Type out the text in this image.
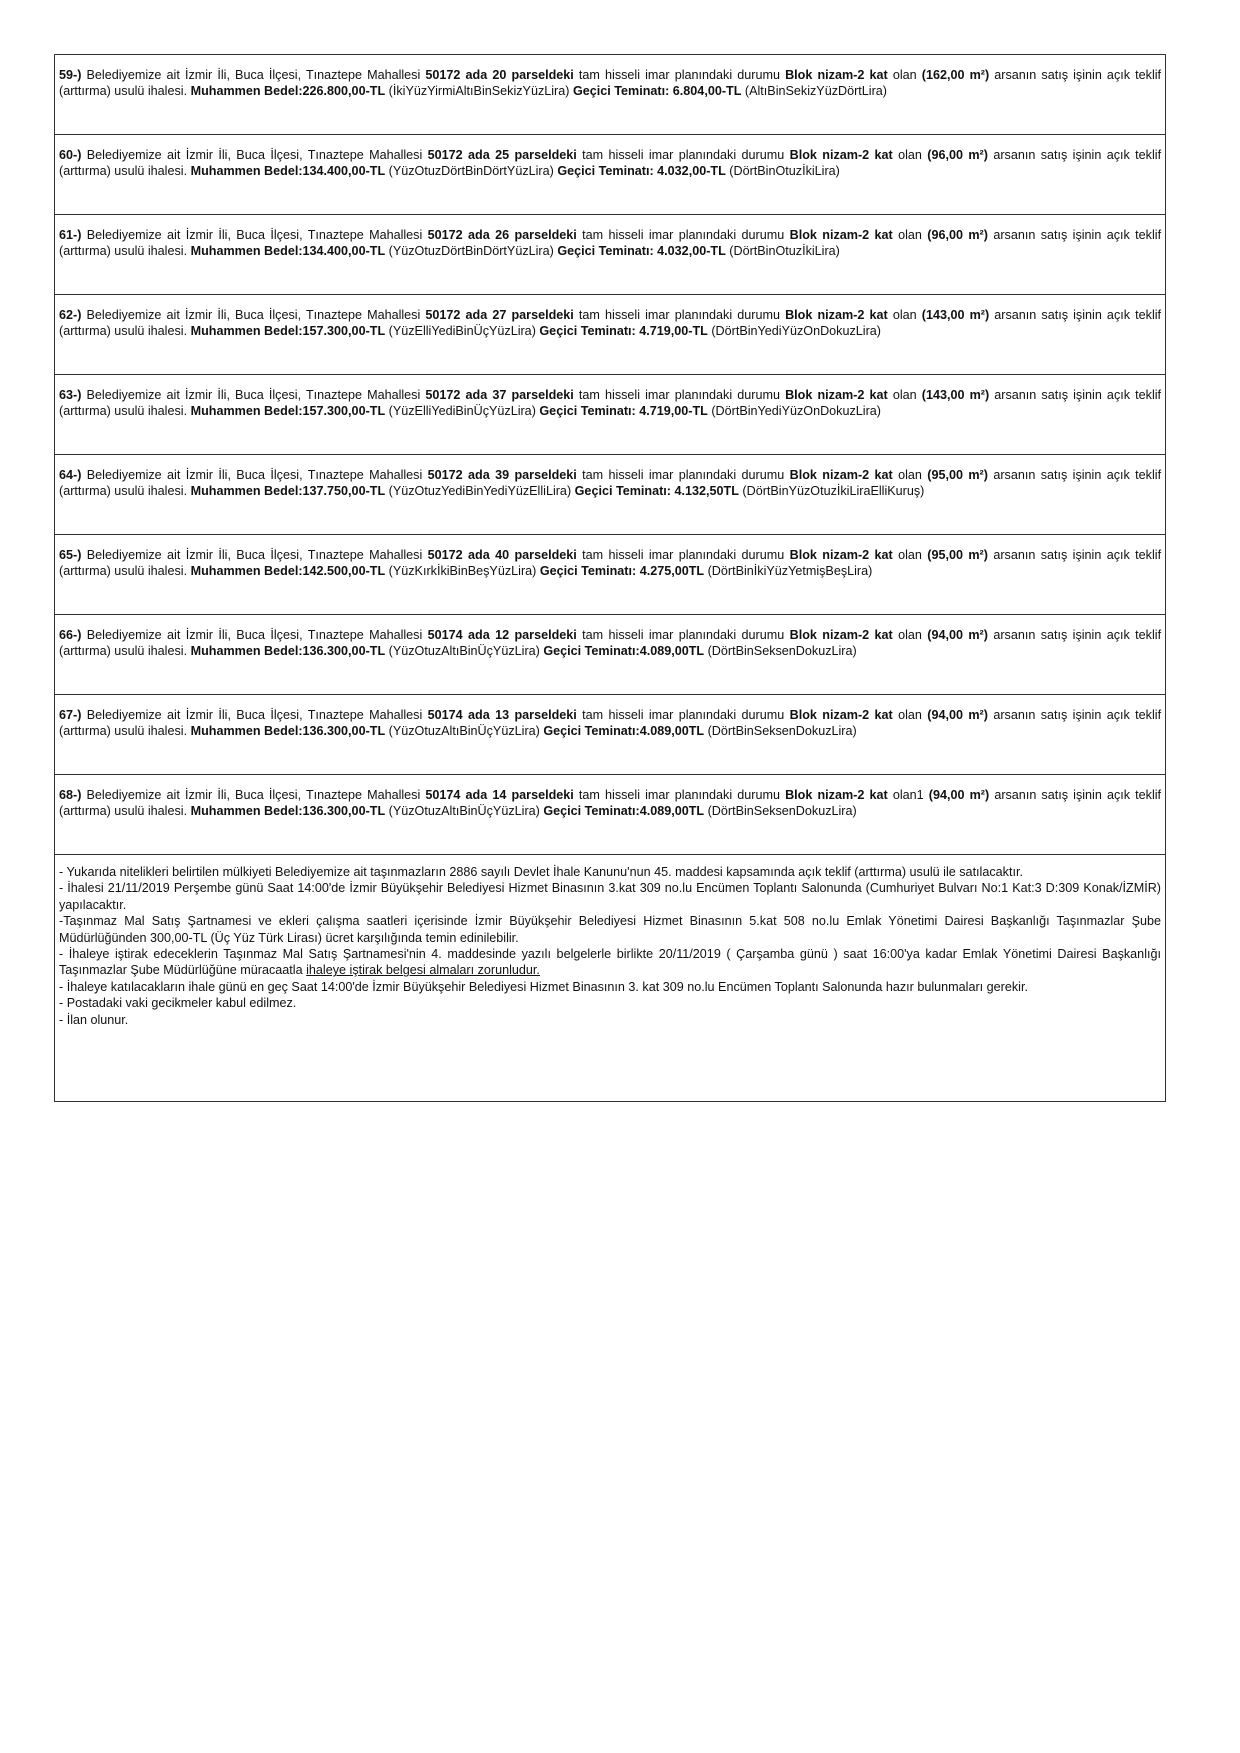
59-) Belediyemize ait İzmir İli, Buca İlçesi, Tınaztepe Mahallesi 50172 ada 20 parseldeki tam hisseli imar planındaki durumu Blok nizam-2 kat olan (162,00 m²) arsanın satış işinin açık teklif (arttırma) usulü ihalesi. Muhammen Bedel:226.800,00-TL (İkiYüzYirmiAltıBinSekizYüzLira) Geçici Teminatı: 6.804,00-TL (AltıBinSekizYüzDörtLira)
60-) Belediyemize ait İzmir İli, Buca İlçesi, Tınaztepe Mahallesi 50172 ada 25 parseldeki tam hisseli imar planındaki durumu Blok nizam-2 kat olan (96,00 m²) arsanın satış işinin açık teklif (arttırma) usulü ihalesi. Muhammen Bedel:134.400,00-TL (YüzOtuzDörtBinDörtYüzLira) Geçici Teminatı: 4.032,00-TL (DörtBinOtuzİkiLira)
61-) Belediyemize ait İzmir İli, Buca İlçesi, Tınaztepe Mahallesi 50172 ada 26 parseldeki tam hisseli imar planındaki durumu Blok nizam-2 kat olan (96,00 m²) arsanın satış işinin açık teklif (arttırma) usulü ihalesi. Muhammen Bedel:134.400,00-TL (YüzOtuzDörtBinDörtYüzLira) Geçici Teminatı: 4.032,00-TL (DörtBinOtuzİkiLira)
62-) Belediyemize ait İzmir İli, Buca İlçesi, Tınaztepe Mahallesi 50172 ada 27 parseldeki tam hisseli imar planındaki durumu Blok nizam-2 kat olan (143,00 m²) arsanın satış işinin açık teklif (arttırma) usulü ihalesi. Muhammen Bedel:157.300,00-TL (YüzElliYediBinÜçYüzLira) Geçici Teminatı: 4.719,00-TL (DörtBinYediYüzOnDokuzLira)
63-) Belediyemize ait İzmir İli, Buca İlçesi, Tınaztepe Mahallesi 50172 ada 37 parseldeki tam hisseli imar planındaki durumu Blok nizam-2 kat olan (143,00 m²) arsanın satış işinin açık teklif (arttırma) usulü ihalesi. Muhammen Bedel:157.300,00-TL (YüzElliYediBinÜçYüzLira) Geçici Teminatı: 4.719,00-TL (DörtBinYediYüzOnDokuzLira)
64-) Belediyemize ait İzmir İli, Buca İlçesi, Tınaztepe Mahallesi 50172 ada 39 parseldeki tam hisseli imar planındaki durumu Blok nizam-2 kat olan (95,00 m²) arsanın satış işinin açık teklif (arttırma) usulü ihalesi. Muhammen Bedel:137.750,00-TL (YüzOtuzYediBinYediYüzElliLira) Geçici Teminatı: 4.132,50TL (DörtBinYüzOtuzİkiLiraElliKuruş)
65-) Belediyemize ait İzmir İli, Buca İlçesi, Tınaztepe Mahallesi 50172 ada 40 parseldeki tam hisseli imar planındaki durumu Blok nizam-2 kat olan (95,00 m²) arsanın satış işinin açık teklif (arttırma) usulü ihalesi. Muhammen Bedel:142.500,00-TL (YüzKırkİkiBinBeşYüzLira) Geçici Teminatı: 4.275,00TL (DörtBinİkiYüzYetmişBeşLira)
66-) Belediyemize ait İzmir İli, Buca İlçesi, Tınaztepe Mahallesi 50174 ada 12 parseldeki tam hisseli imar planındaki durumu Blok nizam-2 kat olan (94,00 m²) arsanın satış işinin açık teklif (arttırma) usulü ihalesi. Muhammen Bedel:136.300,00-TL (YüzOtuzAltıBinÜçYüzLira) Geçici Teminatı:4.089,00TL (DörtBinSeksenDokuzLira)
67-) Belediyemize ait İzmir İli, Buca İlçesi, Tınaztepe Mahallesi 50174 ada 13 parseldeki tam hisseli imar planındaki durumu Blok nizam-2 kat olan (94,00 m²) arsanın satış işinin açık teklif (arttırma) usulü ihalesi. Muhammen Bedel:136.300,00-TL (YüzOtuzAltıBinÜçYüzLira) Geçici Teminatı:4.089,00TL (DörtBinSeksenDokuzLira)
68-) Belediyemize ait İzmir İli, Buca İlçesi, Tınaztepe Mahallesi 50174 ada 14 parseldeki tam hisseli imar planındaki durumu Blok nizam-2 kat olan1 (94,00 m²) arsanın satış işinin açık teklif (arttırma) usulü ihalesi. Muhammen Bedel:136.300,00-TL (YüzOtuzAltıBinÜçYüzLira) Geçici Teminatı:4.089,00TL (DörtBinSeksenDokuzLira)

- Yukarıda nitelikleri belirtilen mülkiyeti Belediyemize ait taşınmazların 2886 sayılı Devlet İhale Kanunu'nun 45. maddesi kapsamında açık teklif (arttırma) usulü ile satılacaktır.

- İhalesi 21/11/2019 Perşembe günü Saat 14:00'de İzmir Büyükşehir Belediyesi Hizmet Binasının 3.kat 309 no.lu Encümen Toplantı Salonunda (Cumhuriyet Bulvarı No:1 Kat:3 D:309 Konak/İZMİR) yapılacaktır.

-Taşınmaz Mal Satış Şartnamesi ve ekleri çalışma saatleri içerisinde İzmir Büyükşehir Belediyesi Hizmet Binasının 5.kat 508 no.lu Emlak Yönetimi Dairesi Başkanlığı Taşınmazlar Şube Müdürlüğünden 300,00-TL (Üç Yüz Türk Lirası) ücret karşılığında temin edinilebilir.

- İhaleye iştirak edeceklerin Taşınmaz Mal Satış Şartnamesi'nin 4. maddesinde yazılı belgelerle birlikte 20/11/2019 ( Çarşamba günü ) saat 16:00'ya kadar Emlak Yönetimi Dairesi Başkanlığı Taşınmazlar Şube Müdürlüğüne müracaatla ihaleye iştirak belgesi almaları zorunludur.

- İhaleye katılacakların ihale günü en geç Saat 14:00'de İzmir Büyükşehir Belediyesi Hizmet Binasının 3. kat 309 no.lu Encümen Toplantı Salonunda hazır bulunmaları gerekir.

- Postadaki vaki gecikmeler kabul edilmez.

- İlan olunur.
